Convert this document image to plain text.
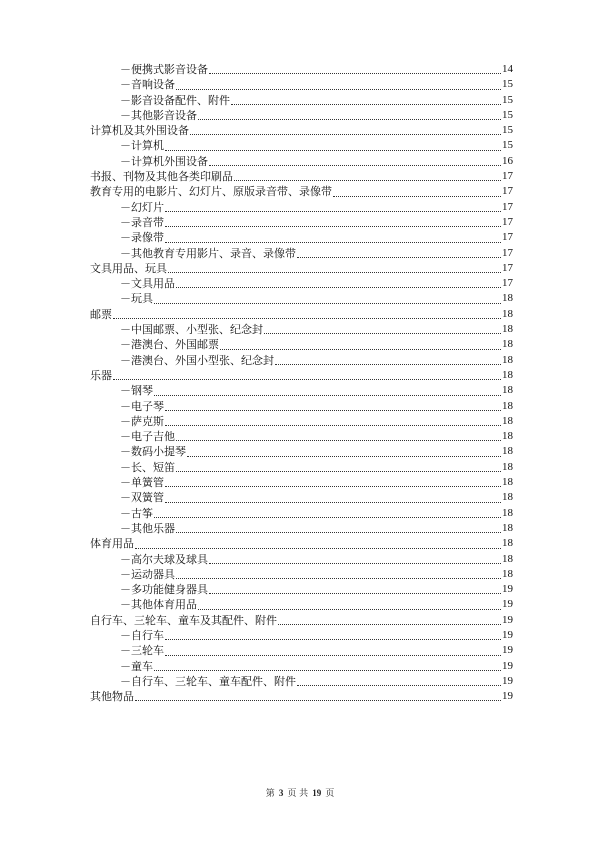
－便携式影音设备	14
－音响设备	15
－影音设备配件、附件	15
－其他影音设备	15
计算机及其外围设备	15
－计算机	15
－计算机外围设备	16
书报、刊物及其他各类印刷品	17
教育专用的电影片、幻灯片、原版录音带、录像带	17
－幻灯片	17
－录音带	17
－录像带	17
－其他教育专用影片、录音、录像带	17
文具用品、玩具	17
－文具用品	17
－玩具	18
邮票	18
－中国邮票、小型张、纪念封	18
－港澳台、外国邮票	18
－港澳台、外国小型张、纪念封	18
乐器	18
－钢琴	18
－电子琴	18
－萨克斯	18
－电子吉他	18
－数码小提琴	18
－长、短笛	18
－单簧管	18
－双簧管	18
－古筝	18
－其他乐器	18
体育用品	18
－高尔夫球及球具	18
－运动器具	18
－多功能健身器具	19
－其他体育用品	19
自行车、三轮车、童车及其配件、附件	19
－自行车	19
－三轮车	19
－童车	19
－自行车、三轮车、童车配件、附件	19
其他物品	19
第 3 页 共 19 页
